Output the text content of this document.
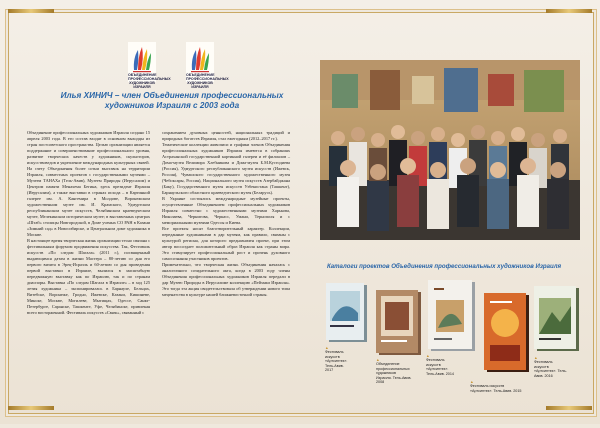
ОБЪЕДИНЕНИЕ ПРОФЕССИОНАЛЬНЫХ ХУДОЖНИКОВ ИЗРАИЛЯ
ОБЪЕДИНЕНИЕ ПРОФЕССИОНАЛЬНЫХ ХУДОЖНИКОВ ИЗРАИЛЯ
Илья ХИНИЧ – член Объединения профессиональных художников Израиля с 2003 года
Объединение профессиональных художников Израиля создано 15 апреля 2003 года. В его состав входят в основном выходцы из стран постсоветского пространства. Целью организации является поддержание и совершенствование профессионального уровня, развитие творческих качеств у художников, скульпторов, искусствоведов и укрепление международных культурных связей.
На счету Объединения более сотни выставок на территории Израиля, совместных проектов с государственными музеями – Музеем ТАНАХа (Тель-Авив), Музеем Природы (Иерусалим) и Центром памяти Менахема Бегина, здесь президент Израиля (Иерусалим), а также выставки в странах исхода – в Картинной галерее им. А. Кангемира в Молдове, Воронежском художественном музее им. И. Крамского, Удмуртском республиканском музее искусств, Челябинском краеведческом музее, Мелекинском историческом музее; в выставочных центрах «Штаб» столицы Новгородской, в Доме ученых СО РАН в Казани «Зимний сад» в Новосибирске, и Центральном доме художника в Москве.
В настоящее время творческая жизнь организации тесно связана с фестивальным форумом продвижения искусства. Так, Фестиваль искусств «По следам Шагала» (2011 г.), посвященный выдающимся датам в жизни Мастера – 80-летию со дня его первого визита в Эрец-Исраэль и 60-летию со дня проведения первой выставки в Израиле, вылился в масштабную передвижную выставку как по Израилю, так и по странам диаспоры. Выставка «По следам Шагала в Израиле» – в ход 125 летия художника – экспонировалась в Барнауле, Бельцах, Витебске, Воронеже, Гродно, Ижевске, Казани, Кишиневе, Минске, Москве, Могилеве, Мытищах, Одессе, Санкт-Петербурге, Саранске, Ташкенте, Уфе, Челябинске, привлекая всего восторженной. Фестиваль искусств «Связь», связанный с
сохранением духовных ценностей, национальных традиций и природных богатств Израиля, стал ежегодным (2012–2017 гг.).
Тематические коллекции живописи и графики членов Объединения профессиональных художников Израиля имеются в собраниях Астраханской государственной картинной галереи и её филиалов – Дома-музея Велимира Хлебникова и Дома-музея Б.М.Кустодиева (Россия), Удмуртского республиканского музея искусств (Ижевск, Россия), Чувашского государственного художественного музея (Чебоксары, Россия), Национального музея искусств Азербайджана (Баку), Государственного музея искусств Узбекистана (Ташкент), Барнаульского областного краеведческого музея (Беларусь).
В Украине состоялись международные музейные проекты, осуществленные Объединением профессиональных художников Израиля совместно с художественными музеями Харькова, Николаева, Чернигова, Черкасс, Умани, Тернополя и с мемориальными музеями Одессы и Киева.
Все проекты носят благотворительный характер. Коллекции, переданные художниками в дар музеям, как правило, связаны с культурой региона, для которого предназначен проект, при этом автор воссоздает положительный образ Израиля как страны мира. Это стимулирует профессиональный рост и прочень духовного самосознания участников проектов.
Примечательно, что творческая жизнь Объединения началась с аналогичного созидательного акта, когда в 2003 году члены Объединения профессиональных художников Израиля передали в дар Музею Природы в Иерусалиме коллекцию «Пейзажи Израиля». Это тогда эта акция свидетельствовала об утверждении нового типа меценатства в культуре нашей ближневосточной страны.
Каталоги проектов Объединения профессиональных художников Израиля
▲
Фестиваль
искусств
«Артсинтез».
Тель-Авив.
2017
▲
Объединение
профессиональных
художников
Израиля. Тель-Авив.
2008
▲
Фестиваль
искусств
«Артсинтез».
Тель-Авив. 2014
▲
Фестиваль искусств
«Артсинтез». Тель-Авив. 2015
▲
Фестиваль
искусств
«Артсинтез». Тель-
Авив. 2016
